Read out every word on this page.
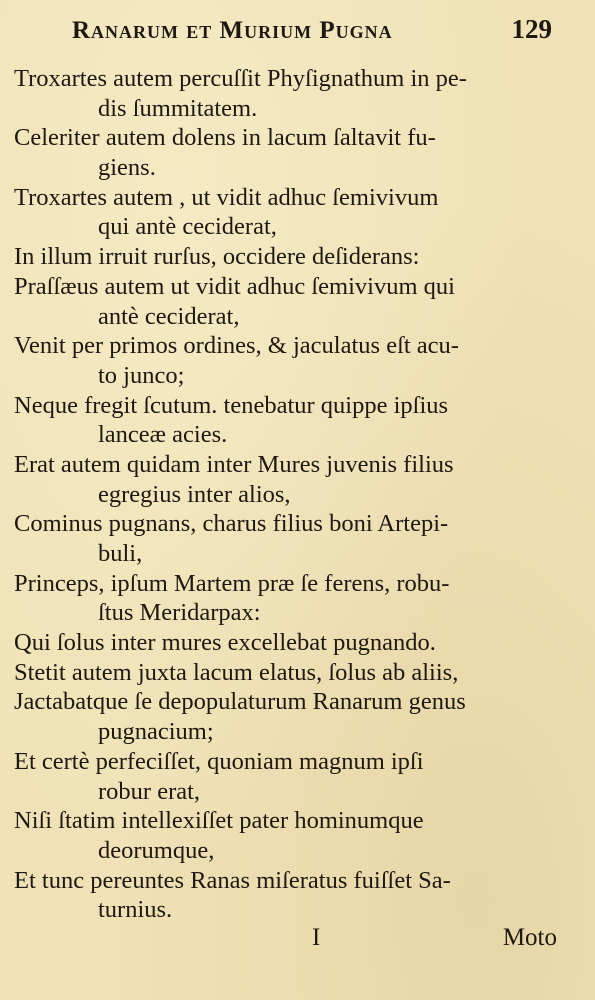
Ranarum et Murium Pugna	129

Troxartes autem percuſſit Phyſignathum in pe-
dis ſummitatem.

Celeriter autem dolens in lacum ſaltavit fu-
giens.

Troxartes autem , ut vidit adhuc ſemivivum
qui antè ceciderat,

In illum irruit rurſus, occidere deſiderans:

Praſſæus autem ut vidit adhuc ſemivivum qui
antè ceciderat,

Venit per primos ordines, & jaculatus eſt acu-
to junco;

Neque fregit ſcutum. tenebatur quippe ipſius
lanceæ acies.

Erat autem quidam inter Mures juvenis filius
egregius inter alios,

Cominus pugnans, charus filius boni Artepi-
buli,

Princeps, ipſum Martem præ ſe ferens, robu-
ſtus Meridarpax:

Qui ſolus inter mures excellebat pugnando.

Stetit autem juxta lacum elatus, ſolus ab aliis,

Jactabatque ſe depopulaturum Ranarum genus
pugnacium;

Et certè perfeciſſet, quoniam magnum ipſi
robur erat,

Niſi ſtatim intellexiſſet pater hominumque
deorumque,

Et tunc pereuntes Ranas miſeratus fuiſſet Sa-
turnius.

I	Moto
